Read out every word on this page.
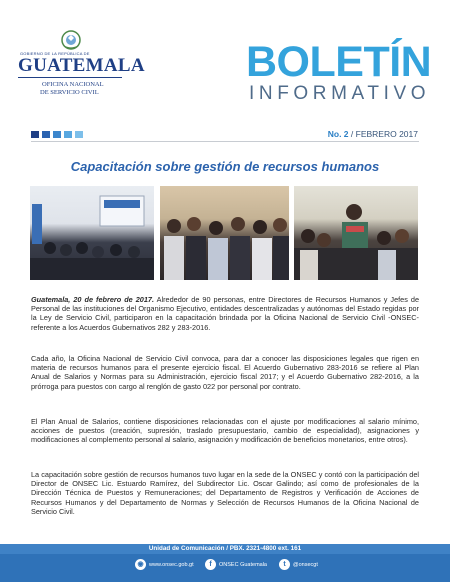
GOBIERNO DE LA REPÚBLICA DE
GUATEMALA
OFICINA NACIONAL
DE SERVICIO CIVIL
BOLETÍN
INFORMATIVO
No. 2 / FEBRERO 2017
Capacitación sobre gestión de recursos humanos
Guatemala, 20 de febrero de 2017. Alrededor de 90 personas, entre Directores de Recursos Humanos y Jefes de Personal de las instituciones del Organismo Ejecutivo, entidades descentralizadas y autónomas del Estado regidas por la Ley de Servicio Civil, participaron en la capacitación brindada por la Oficina Nacional de Servicio Civil -ONSEC- referente a los Acuerdos Gubernativos 282 y 283-2016.
Cada año, la Oficina Nacional de Servicio Civil convoca, para dar a conocer las disposiciones legales que rigen en materia de recursos humanos para el presente ejercicio fiscal. El Acuerdo Gubernativo 283-2016 se refiere al Plan Anual de Salarios y Normas para su Administración, ejercicio fiscal 2017; y el Acuerdo Gubernativo 282-2016, a la prórroga para puestos con cargo al renglón de gasto 022 por personal por contrato.
El Plan Anual de Salarios, contiene disposiciones relacionadas con el ajuste por modificaciones al salario mínimo, acciones de puestos (creación, supresión, traslado presupuestario, cambio de especialidad), asignaciones y modificaciones al complemento personal al salario, asignación y modificación de beneficios monetarios, entre otros).
La capacitación sobre gestión de recursos humanos tuvo lugar en la sede de la ONSEC y contó con la participación del Director de ONSEC Lic. Estuardo Ramírez, del Subdirector Lic. Oscar Galindo; así como de profesionales de la Dirección Técnica de Puestos y Remuneraciones; del Departamento de Registros y Verificación de Acciones de Recursos Humanos y del Departamento de Normas y Selección de Recursos Humanos de la Oficina Nacional de Servicio Civil.
Unidad de Comunicación / PBX. 2321-4800 ext. 161
◉ www.onsec.gob.gt	f	ONSEC Guatemala	t	@onsecgt
